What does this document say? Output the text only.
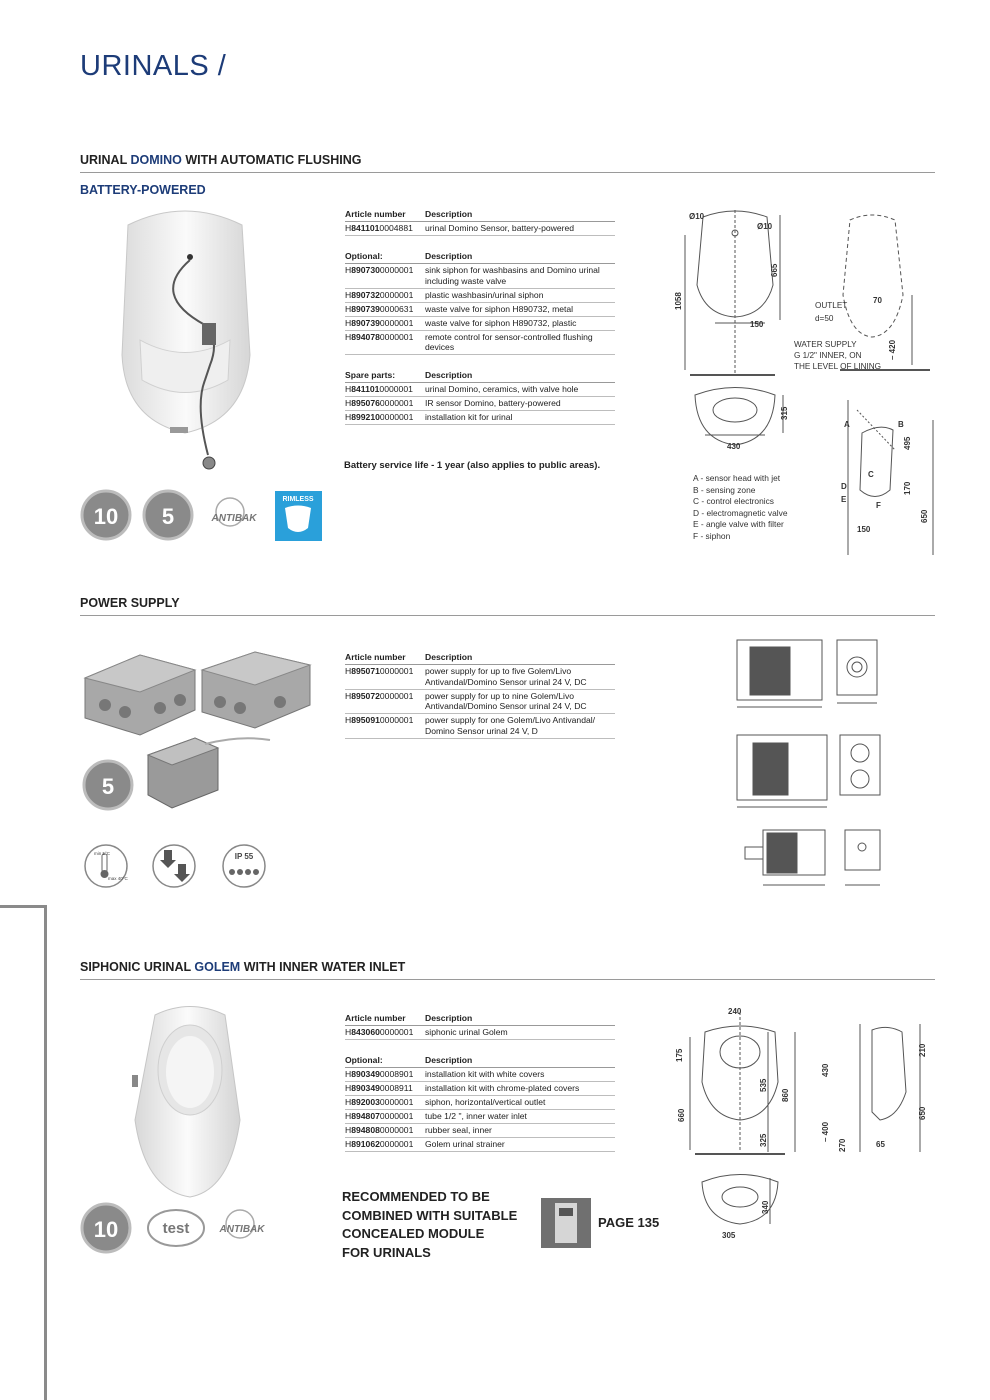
URINALS /
URINAL DOMINO WITH AUTOMATIC FLUSHING
BATTERY-POWERED
10 5	ANTIBAK
RIMLESS
Article number	Description
H8411010004881	urinal Domino Sensor, battery-powered
Optional:	Description
H8907300000001	sink siphon for washbasins and Domino urinal including waste valve
H8907320000001	plastic washbasin/urinal siphon
H8907390000631	waste valve for siphon H890732, metal
H8907390000001	waste valve for siphon H890732, plastic
H8940780000001	remote control for sensor-controlled flushing devices
Spare parts:	Description
H8411010000001	urinal Domino, ceramics, with valve hole
H8950760000001	IR sensor Domino, battery-powered
H8992100000001	installation kit for urinal
Battery service life - 1 year (also applies to public areas).
Ø10
Ø10
665
1058
150
OUTLET
d=50
70
– 420
WATER SUPPLY
G 1/2" INNER, ON
THE LEVEL OF LINING
315
430
A	B
C
D
E
F
495
170
150
650
A - sensor head with jet
B - sensing zone
C - control electronics
D - electromagnetic valve
E - angle valve with filter
F - siphon
POWER SUPPLY
5
min 5°C
max 40°C
IP 55
Article number	Description
H8950710000001	power supply for up to five Golem/Livo Antivandal/Domino Sensor urinal 24 V, DC
H8950720000001	power supply for up to nine Golem/Livo Antivandal/Domino Sensor urinal 24 V, DC
H8950910000001	power supply for one Golem/Livo Antivandal/ Domino Sensor urinal 24 V, D
SIPHONIC URINAL GOLEM WITH INNER WATER INLET
10	test	ANTIBAK
Article number	Description
H8430600000001	siphonic urinal Golem
Optional:	Description
H8903490008901	installation kit with white covers
H8903490008911	installation kit with chrome-plated covers
H8920030000001	siphon, horizontal/vertical outlet
H8948070000001	tube 1/2 ", inner water inlet
H8948080000001	rubber seal, inner
H8910620000001	Golem urinal strainer
RECOMMENDED TO BE
COMBINED WITH SUITABLE
CONCEALED MODULE
FOR URINALS
PAGE 135
240
175
660
535
860
430
325	– 400
270	65
210
650
340
305
